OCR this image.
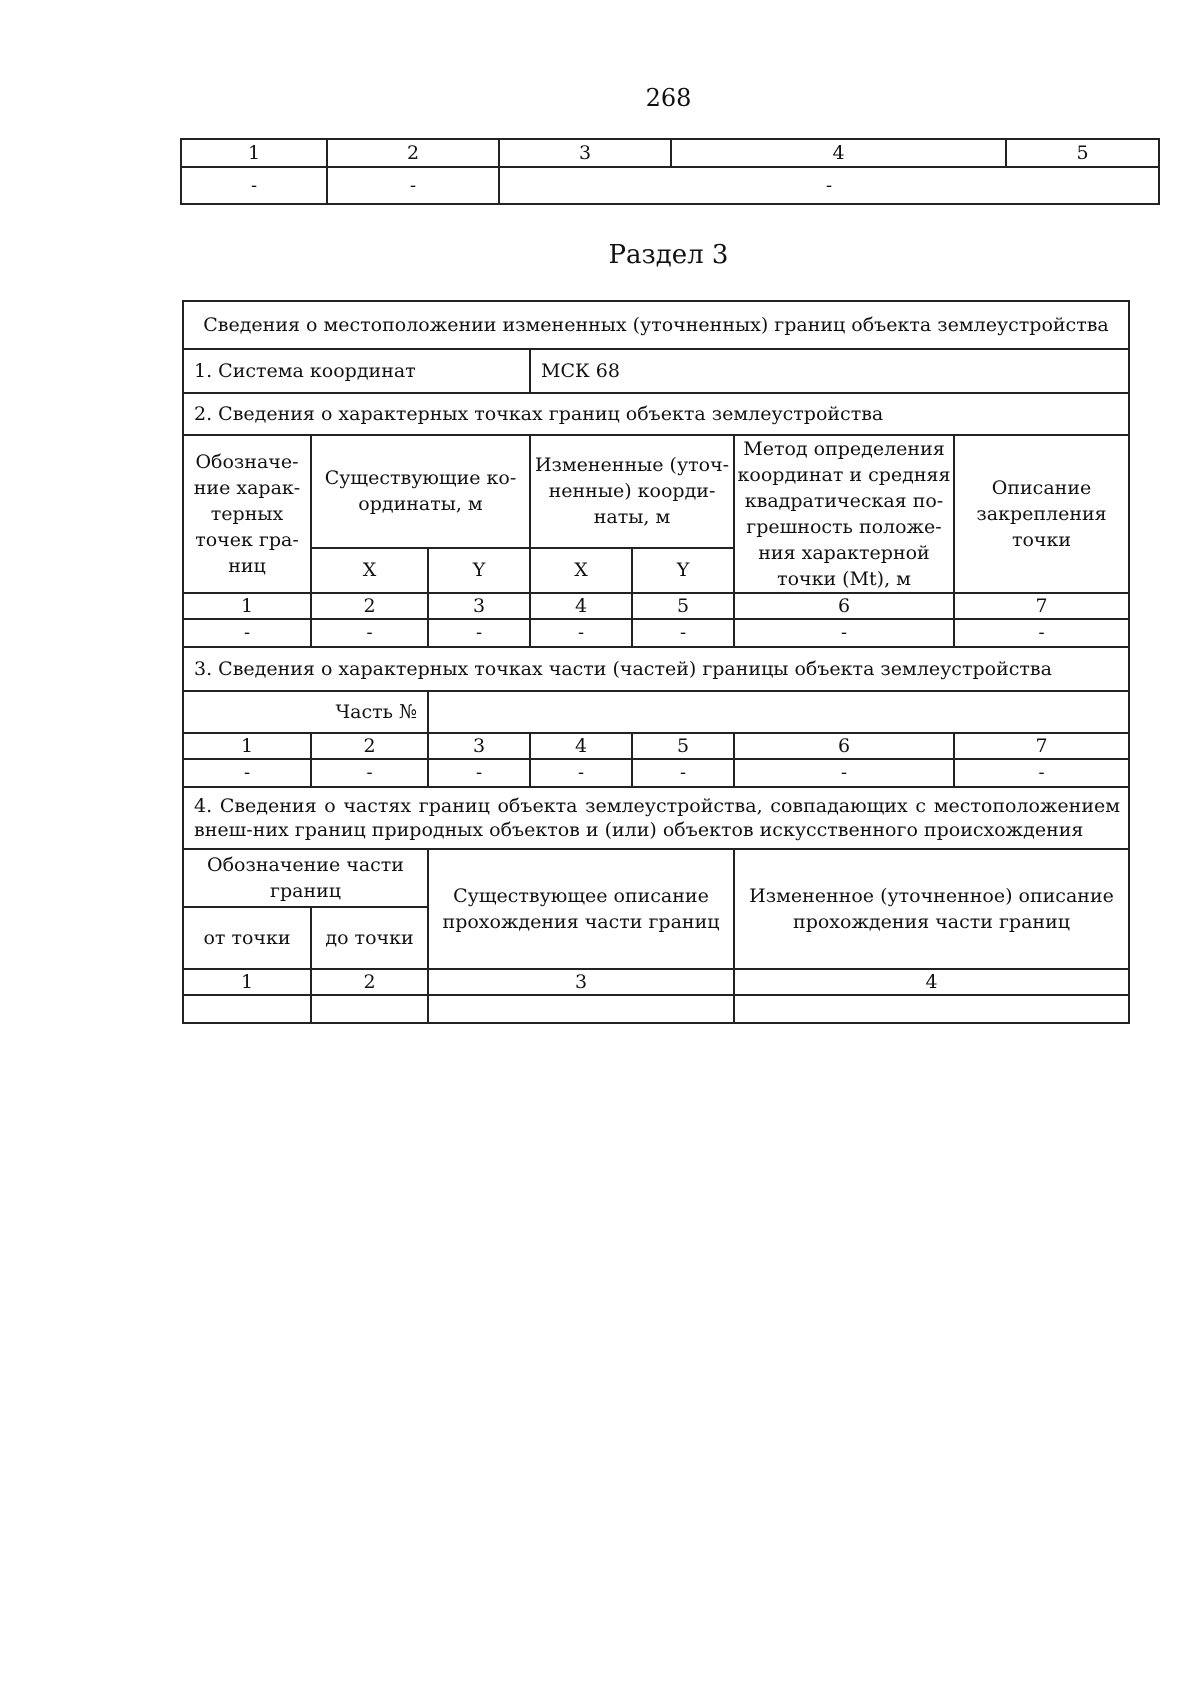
268
1	2	3	4	5
-	-	-		
Раздел 3
Сведения о местоположении измененных (уточненных) границ объекта землеустройства						
1. Система координат			МСК 68			
2. Сведения о характерных точках границ объекта землеустройства						
Обозначе-ние харак-терных точек гра-ниц	Существующие ко-ординаты, м		Измененные (уточ-ненные) коорди-наты, м		Метод определения координат и средняя квадратическая по-грешность положе-ния характерной точки (Mt), м	Описание закрепления точки
	X	Y	X	Y		
1	2	3	4	5	6	7
-	-	-	-	-	-	-
3. Сведения о характерных точках части (частей) границы объекта землеустройства						
Часть №						
1	2	3	4	5	6	7
-	-	-	-	-	-	-
4. Сведения о частях границ объекта землеустройства, совпадающих с местоположением внеш-них границ природных объектов и (или) объектов искусственного происхождения						
Обозначение части границ		Существующее описание прохождения части границ			Измененное (уточненное) описание прохождения части границ	
от точки	до точки					
1	2	3			4	
